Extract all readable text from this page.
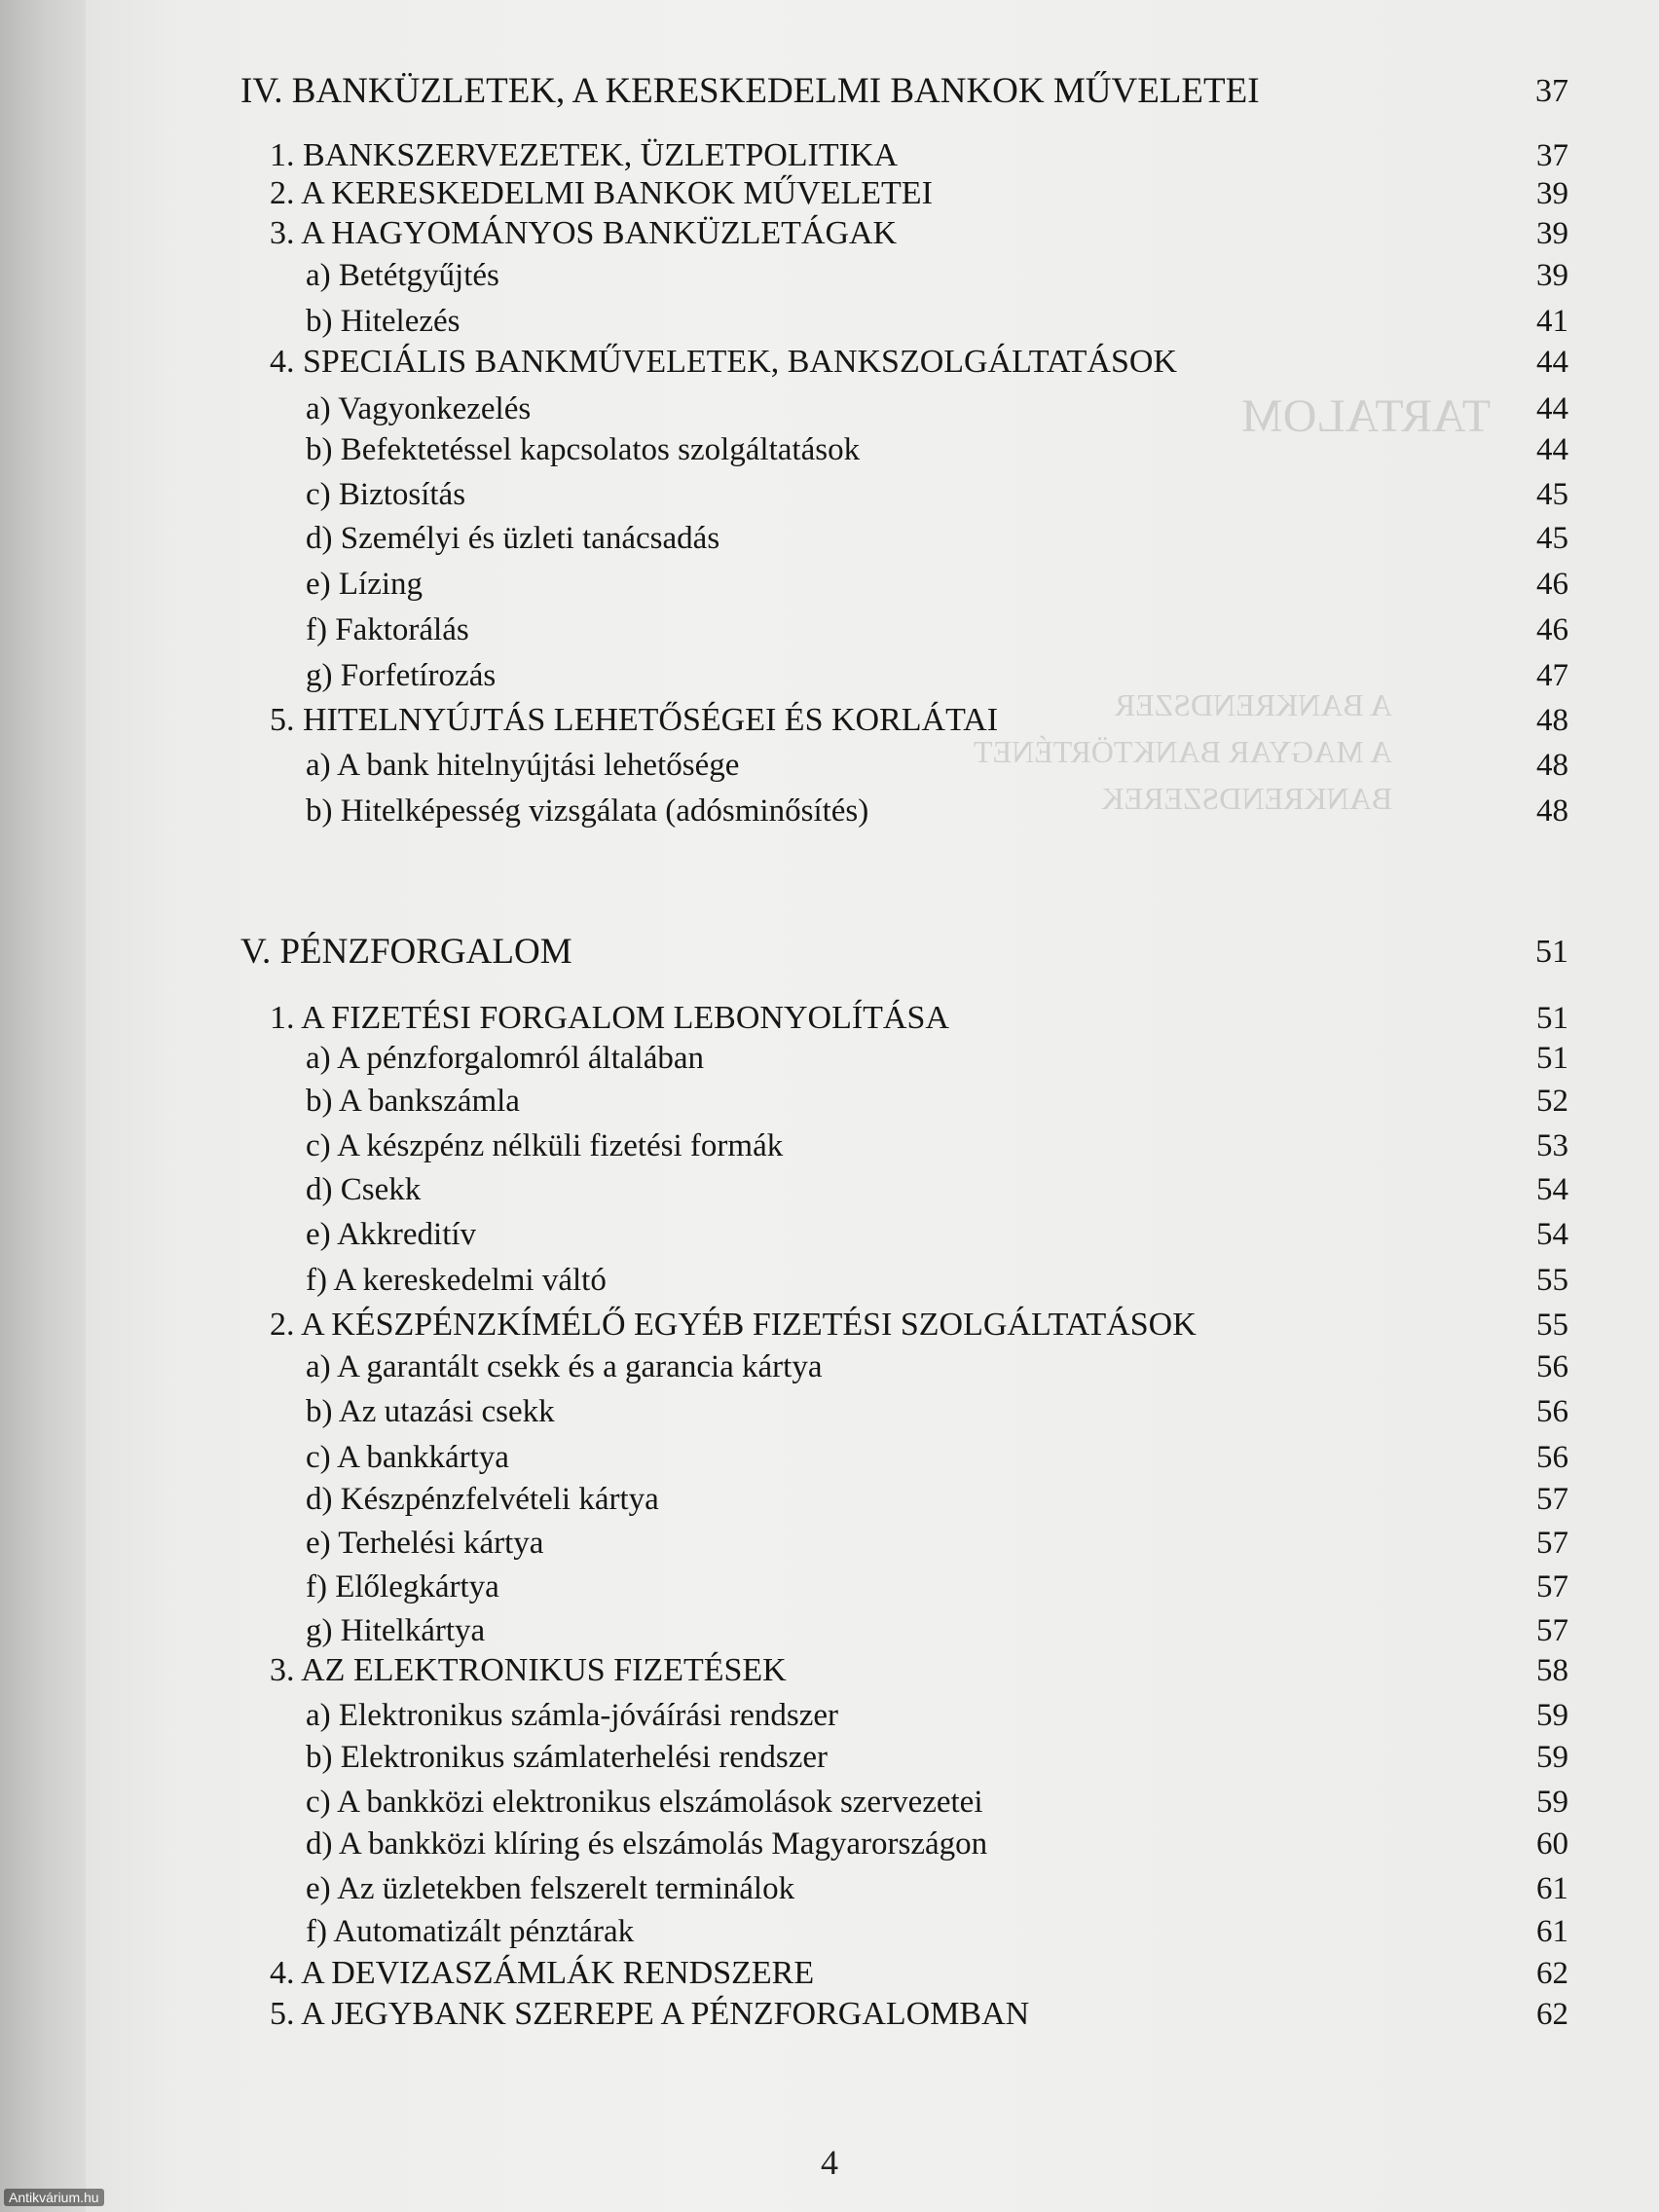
TARTALOM
A BANKRENDSZER
A MAGYAR BANKTÖRTÉNET
BANKRENDSZEREK
IV. BANKÜZLETEK, A KERESKEDELMI BANKOK MŰVELETEI	37
1. BANKSZERVEZETEK, ÜZLETPOLITIKA	37
2. A KERESKEDELMI BANKOK MŰVELETEI	39
3. A HAGYOMÁNYOS BANKÜZLETÁGAK	39
a) Betétgyűjtés	39
b) Hitelezés	41
4. SPECIÁLIS BANKMŰVELETEK, BANKSZOLGÁLTATÁSOK	44
a) Vagyonkezelés	44
b) Befektetéssel kapcsolatos szolgáltatások	44
c) Biztosítás	45
d) Személyi és üzleti tanácsadás	45
e) Lízing	46
f) Faktorálás	46
g) Forfetírozás	47
5. HITELNYÚJTÁS LEHETŐSÉGEI ÉS KORLÁTAI	48
a) A bank hitelnyújtási lehetősége	48
b) Hitelképesség vizsgálata (adósminősítés)	48
V. PÉNZFORGALOM	51
1. A FIZETÉSI FORGALOM LEBONYOLÍTÁSA	51
a) A pénzforgalomról általában	51
b) A bankszámla	52
c) A készpénz nélküli fizetési formák	53
d) Csekk	54
e) Akkreditív	54
f) A kereskedelmi váltó	55
2. A KÉSZPÉNZKÍMÉLŐ EGYÉB FIZETÉSI SZOLGÁLTATÁSOK	55
a) A garantált csekk és a garancia kártya	56
b) Az utazási csekk	56
c) A bankkártya	56
d) Készpénzfelvételi kártya	57
e) Terhelési kártya	57
f) Előlegkártya	57
g) Hitelkártya	57
3. AZ ELEKTRONIKUS FIZETÉSEK	58
a) Elektronikus számla-jóváírási rendszer	59
b) Elektronikus számlaterhelési rendszer	59
c) A bankközi elektronikus elszámolások szervezetei	59
d) A bankközi klíring és elszámolás Magyarországon	60
e) Az üzletekben felszerelt terminálok	61
f) Automatizált pénztárak	61
4. A DEVIZASZÁMLÁK RENDSZERE	62
5. A JEGYBANK SZEREPE A PÉNZFORGALOMBAN	62
4
Antikvárium.hu
